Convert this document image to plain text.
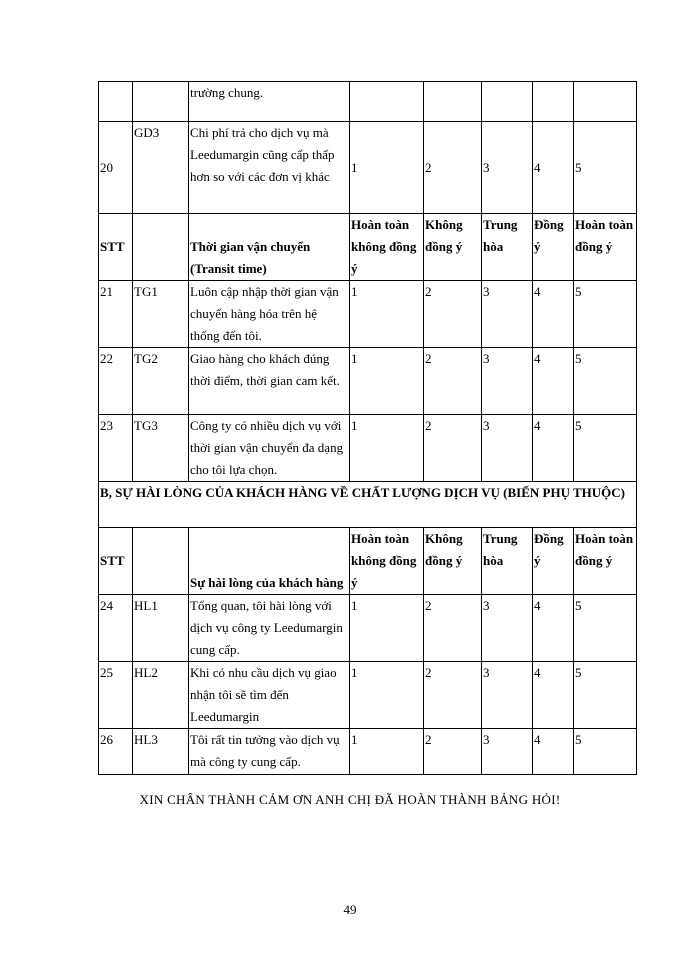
		trường chung.					
20	GD3	Chi phí trả cho dịch vụ mà Leedumargin cũng cấp thấp hơn so với các đơn vị khác	1	2	3	4	5
STT		Thời gian vận chuyển (Transit time)	Hoàn toàn không đồng ý	Không đồng ý	Trung hòa	Đồng ý	Hoàn toàn đồng ý
21	TG1	Luôn cập nhập thời gian vận chuyển hàng hóa trên hệ thống đến tôi.	1	2	3	4	5
22	TG2	Giao hàng cho khách đúng thời điểm, thời gian cam kết.	1	2	3	4	5
23	TG3	Công ty có nhiều dịch vụ với thời gian vận chuyển đa dạng cho tôi lựa chọn.	1	2	3	4	5
B, SỰ HÀI LÒNG CỦA KHÁCH HÀNG VỀ CHẤT LƯỢNG DỊCH VỤ (BIẾN PHỤ THUỘC)							
STT		Sự hài lòng của khách hàng	Hoàn toàn không đồng ý	Không đồng ý	Trung hòa	Đồng ý	Hoàn toàn đồng ý
24	HL1	Tổng quan, tôi hài lòng với dịch vụ công ty Leedumargin cung cấp.	1	2	3	4	5
25	HL2	Khi có nhu cầu dịch vụ giao nhận tôi sẽ tìm đến Leedumargin	1	2	3	4	5
26	HL3	Tôi rất tin tưởng vào dịch vụ mà công ty cung cấp.	1	2	3	4	5
XIN CHÂN THÀNH CẢM ƠN ANH CHỊ ĐÃ HOÀN THÀNH BẢNG HỎI!
49
